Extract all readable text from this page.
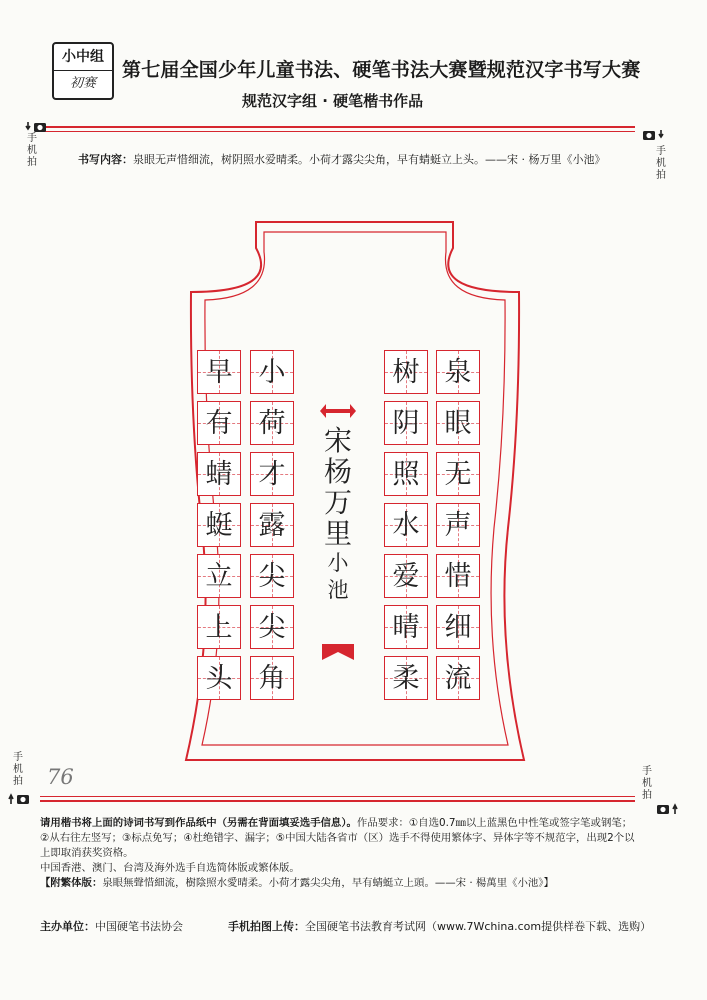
小中组
初赛
第七届全国少年儿童书法、硬笔书法大赛暨规范汉字书写大赛
规范汉字组 · 硬笔楷书作品
手机拍
手机拍
书写内容：泉眼无声惜细流，树阴照水爱晴柔。小荷才露尖尖角，早有蜻蜓立上头。——宋 · 杨万里《小池》
泉
眼
无
声
惜
细
流
树
阴
照
水
爱
晴
柔
小
荷
才
露
尖
尖
角
早
有
蜻
蜓
立
上
头
宋
杨
万
里
小
池
76
手机拍
手机拍
请用楷书将上面的诗词书写到作品纸中（另需在背面填妥选手信息）。作品要求：①自选0.7㎜以上蓝黑色中性笔或签字笔或钢笔；②从右往左竖写；③标点免写；④杜绝错字、漏字；⑤中国大陆各省市（区）选手不得使用繁体字、异体字等不规范字，出现2个以上即取消获奖资格。
中国香港、澳门、台湾及海外选手自选简体版或繁体版。
【附繁体版：泉眼無聲惜細流，樹陰照水愛晴柔。小荷才露尖尖角，早有蜻蜓立上頭。——宋 · 楊萬里《小池》】
主办单位：中国硬笔书法协会	手机拍图上传：全国硬笔书法教育考试网（www.7Wchina.com提供样卷下载、选购）
